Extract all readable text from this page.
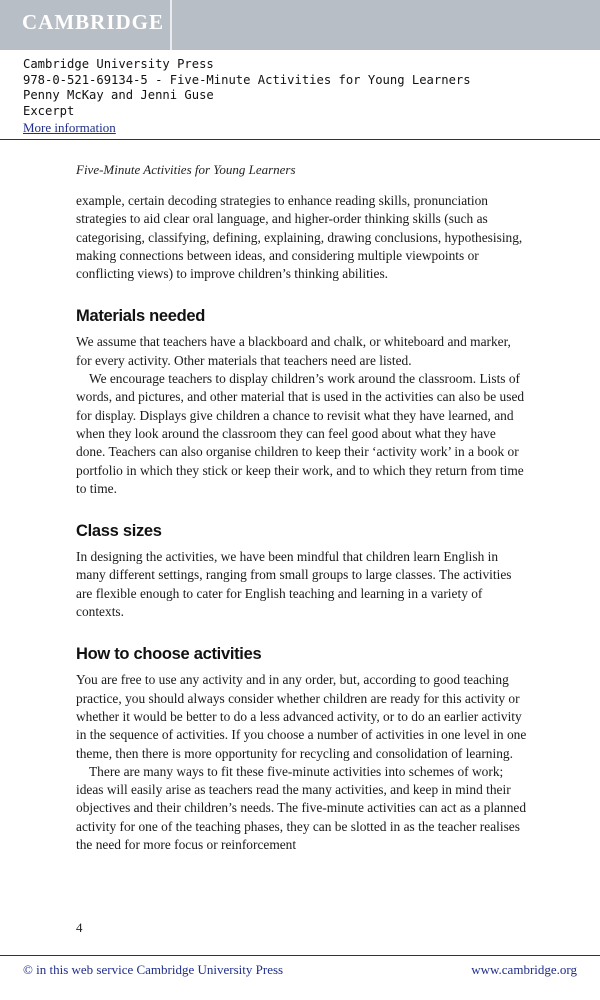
CAMBRIDGE
Cambridge University Press
978-0-521-69134-5 - Five-Minute Activities for Young Learners
Penny McKay and Jenni Guse
Excerpt
More information
Five-Minute Activities for Young Learners

example, certain decoding strategies to enhance reading skills, pronunciation strategies to aid clear oral language, and higher-order thinking skills (such as categorising, classifying, defining, explaining, drawing conclusions, hypothesising, making connections between ideas, and considering multiple viewpoints or conflicting views) to improve children’s thinking abilities.

Materials needed

We assume that teachers have a blackboard and chalk, or whiteboard and marker, for every activity. Other materials that teachers need are listed.

We encourage teachers to display children’s work around the classroom. Lists of words, and pictures, and other material that is used in the activities can also be used for display. Displays give children a chance to revisit what they have learned, and when they look around the classroom they can feel good about what they have done. Teachers can also organise children to keep their ‘activity work’ in a book or portfolio in which they stick or keep their work, and to which they return from time to time.

Class sizes

In designing the activities, we have been mindful that children learn English in many different settings, ranging from small groups to large classes. The activities are flexible enough to cater for English teaching and learning in a variety of contexts.

How to choose activities

You are free to use any activity and in any order, but, according to good teaching practice, you should always consider whether children are ready for this activity or whether it would be better to do a less advanced activity, or to do an earlier activity in the sequence of activities. If you choose a number of activities in one level in one theme, then there is more opportunity for recycling and consolidation of learning.

There are many ways to fit these five-minute activities into schemes of work; ideas will easily arise as teachers read the many activities, and keep in mind their objectives and their children’s needs. The five-minute activities can act as a planned activity for one of the teaching phases, they can be slotted in as the teacher realises the need for more focus or reinforcement

4
© in this web service Cambridge University Press	www.cambridge.org
